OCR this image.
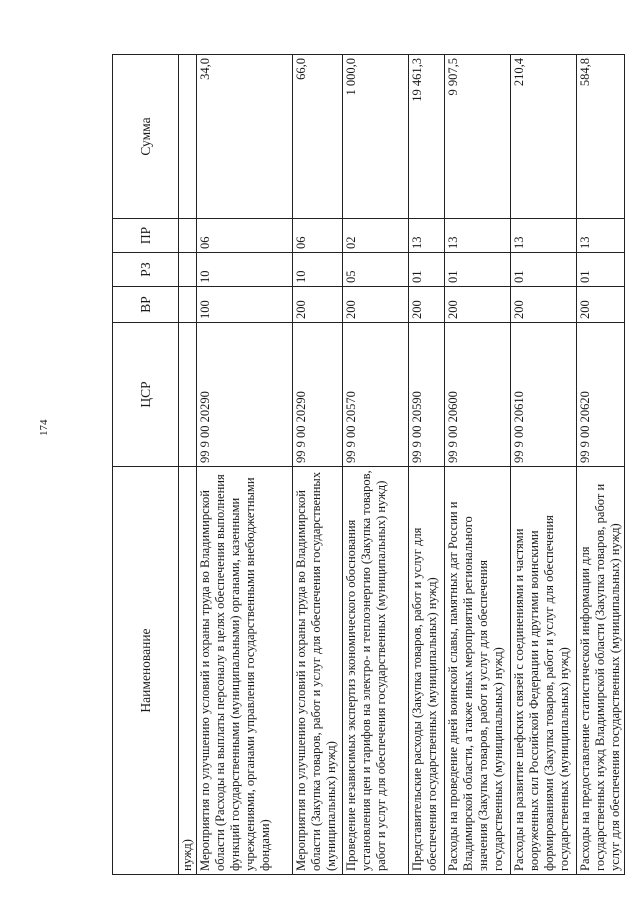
174
Наименование	ЦСР	ВР	РЗ	ПР	Сумма
нужд)					
Мероприятия по улучшению условий и охраны труда во Владимирской области (Расходы на выплаты персоналу в целях обеспечения выполнения функций государственными (муниципальными) органами, казенными учреждениями, органами управления государственными внебюджетными фондами)	99 9 00 20290	100	10	06	34,0
Мероприятия по улучшению условий и охраны труда во Владимирской области (Закупка товаров, работ и услуг для обеспечения государственных (муниципальных) нужд)	99 9 00 20290	200	10	06	66,0
Проведение независимых экспертиз экономического обоснования установления цен и тарифов на электро- и теплоэнергию (Закупка товаров, работ и услуг для обеспечения государственных (муниципальных) нужд)	99 9 00 20570	200	05	02	1 000,0
Представительские расходы (Закупка товаров, работ и услуг для обеспечения государственных (муниципальных) нужд)	99 9 00 20590	200	01	13	19 461,3
Расходы на проведение дней воинской славы, памятных дат России и Владимирской области, а также иных мероприятий регионального значения (Закупка товаров, работ и услуг для обеспечения государственных (муниципальных) нужд)	99 9 00 20600	200	01	13	9 907,5
Расходы на развитие шефских связей с соединениями и частями вооруженных сил Российской Федерации и другими воинскими формированиями (Закупка товаров, работ и услуг для обеспечения государственных (муниципальных) нужд)	99 9 00 20610	200	01	13	210,4
Расходы на предоставление статистической информации для государственных нужд Владимирской области (Закупка товаров, работ и услуг для обеспечения государственных (муниципальных) нужд)	99 9 00 20620	200	01	13	584,8
